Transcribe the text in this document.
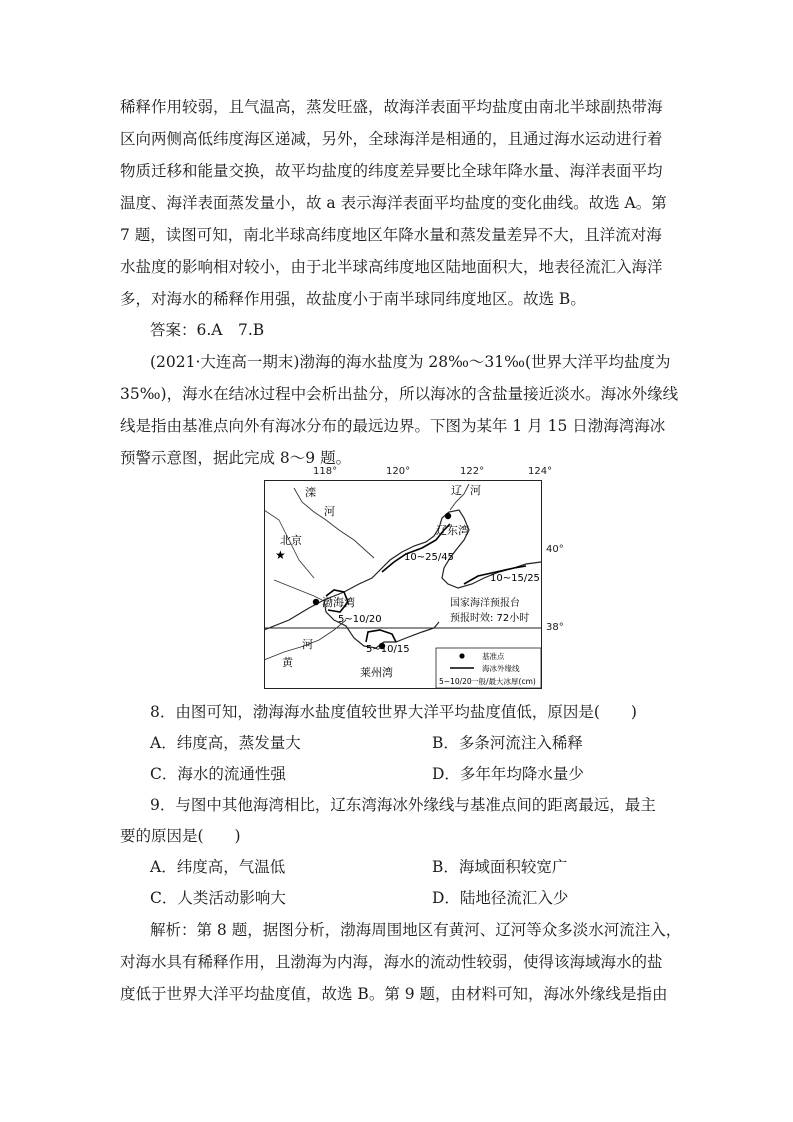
稀释作用较弱，且气温高，蒸发旺盛，故海洋表面平均盐度由南北半球副热带海
区向两侧高低纬度海区递减，另外，全球海洋是相通的，且通过海水运动进行着
物质迁移和能量交换，故平均盐度的纬度差异要比全球年降水量、海洋表面平均
温度、海洋表面蒸发量小，故 a 表示海洋表面平均盐度的变化曲线。故选 A。第
7 题，读图可知，南北半球高纬度地区年降水量和蒸发量差异不大，且洋流对海
水盐度的影响相对较小，由于北半球高纬度地区陆地面积大，地表径流汇入海洋
多，对海水的稀释作用强，故盐度小于南半球同纬度地区。故选 B。
答案：6.A　7.B
(2021·大连高一期末)渤海的海水盐度为 28‰～31‰(世界大洋平均盐度为
35‰)，海水在结冰过程中会析出盐分，所以海冰的含盐量接近淡水。海冰外缘线
线是指由基准点向外有海冰分布的最远边界。下图为某年 1 月 15 日渤海湾海冰
预警示意图，据此完成 8～9 题。
118°	120°	122°	124°
40°
38°
★
北京
滦
河
辽 河
黄
河
辽东湾
渤海湾
莱州湾
10~25/45
5~10/20
5~10/15
10~15/25
国家海洋预报台
预报时效: 72小时
基准点
海冰外缘线
5~10/20 一般/最大冰厚(cm)
8．由图可知，渤海海水盐度值较世界大洋平均盐度值低，原因是(　　)
A．纬度高，蒸发量大	B．多条河流注入稀释
C．海水的流通性强	D．多年年均降水量少
9．与图中其他海湾相比，辽东湾海冰外缘线与基准点间的距离最远，最主
要的原因是(　　)
A．纬度高，气温低	B．海域面积较宽广
C．人类活动影响大	D．陆地径流汇入少
解析：第 8 题，据图分析，渤海周围地区有黄河、辽河等众多淡水河流注入，
对海水具有稀释作用，且渤海为内海，海水的流动性较弱，使得该海域海水的盐
度低于世界大洋平均盐度值，故选 B。第 9 题，由材料可知，海冰外缘线是指由
